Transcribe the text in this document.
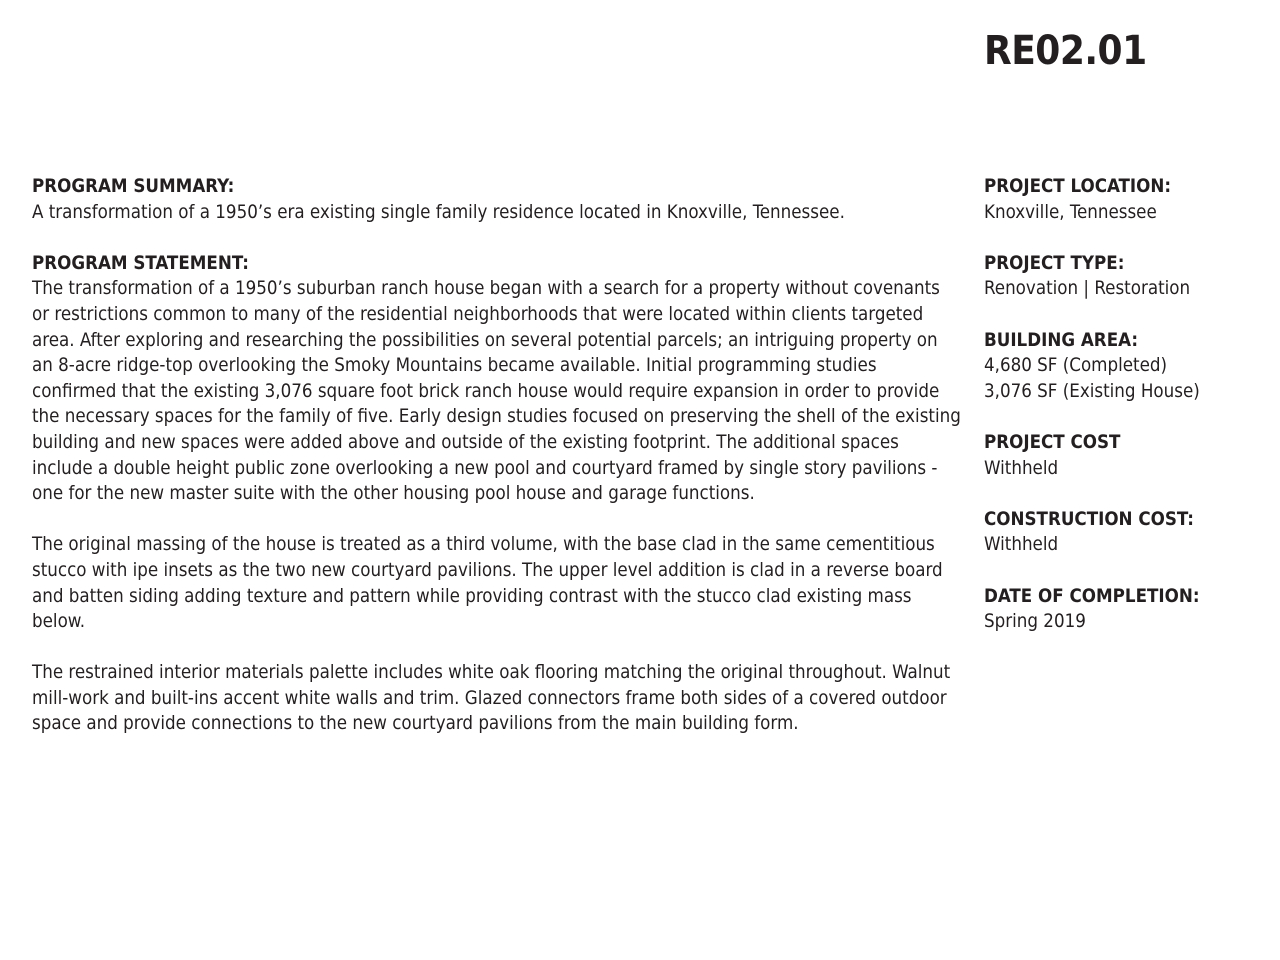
RE02.01
PROGRAM SUMMARY:
A transformation of a 1950’s era existing single family residence located in Knoxville, Tennessee.
PROGRAM STATEMENT:
The transformation of a 1950’s suburban ranch house began with a search for a property without covenants or restrictions common to many of the residential neighborhoods that were located within clients targeted area. After exploring and researching the possibilities on several potential parcels; an intriguing property on an 8-acre ridge-top overlooking the Smoky Mountains became available. Initial programming studies confirmed that the existing 3,076 square foot brick ranch house would require expansion in order to provide the necessary spaces for the family of five. Early design studies focused on preserving the shell of the existing building and new spaces were added above and outside of the existing footprint. The additional spaces include a double height public zone overlooking a new pool and courtyard framed by single story pavilions - one for the new master suite with the other housing pool house and garage functions.
The original massing of the house is treated as a third volume, with the base clad in the same cementitious stucco with ipe insets as the two new courtyard pavilions. The upper level addition is clad in a reverse board and batten siding adding texture and pattern while providing contrast with the stucco clad existing mass below.
The restrained interior materials palette includes white oak flooring matching the original throughout. Walnut mill-work and built-ins accent white walls and trim. Glazed connectors frame both sides of a covered outdoor space and provide connections to the new courtyard pavilions from the main building form.
PROJECT LOCATION:
Knoxville, Tennessee
PROJECT TYPE:
Renovation | Restoration
BUILDING AREA:
4,680 SF (Completed)
3,076 SF (Existing House)
PROJECT COST
Withheld
CONSTRUCTION COST:
Withheld
DATE OF COMPLETION:
Spring 2019
